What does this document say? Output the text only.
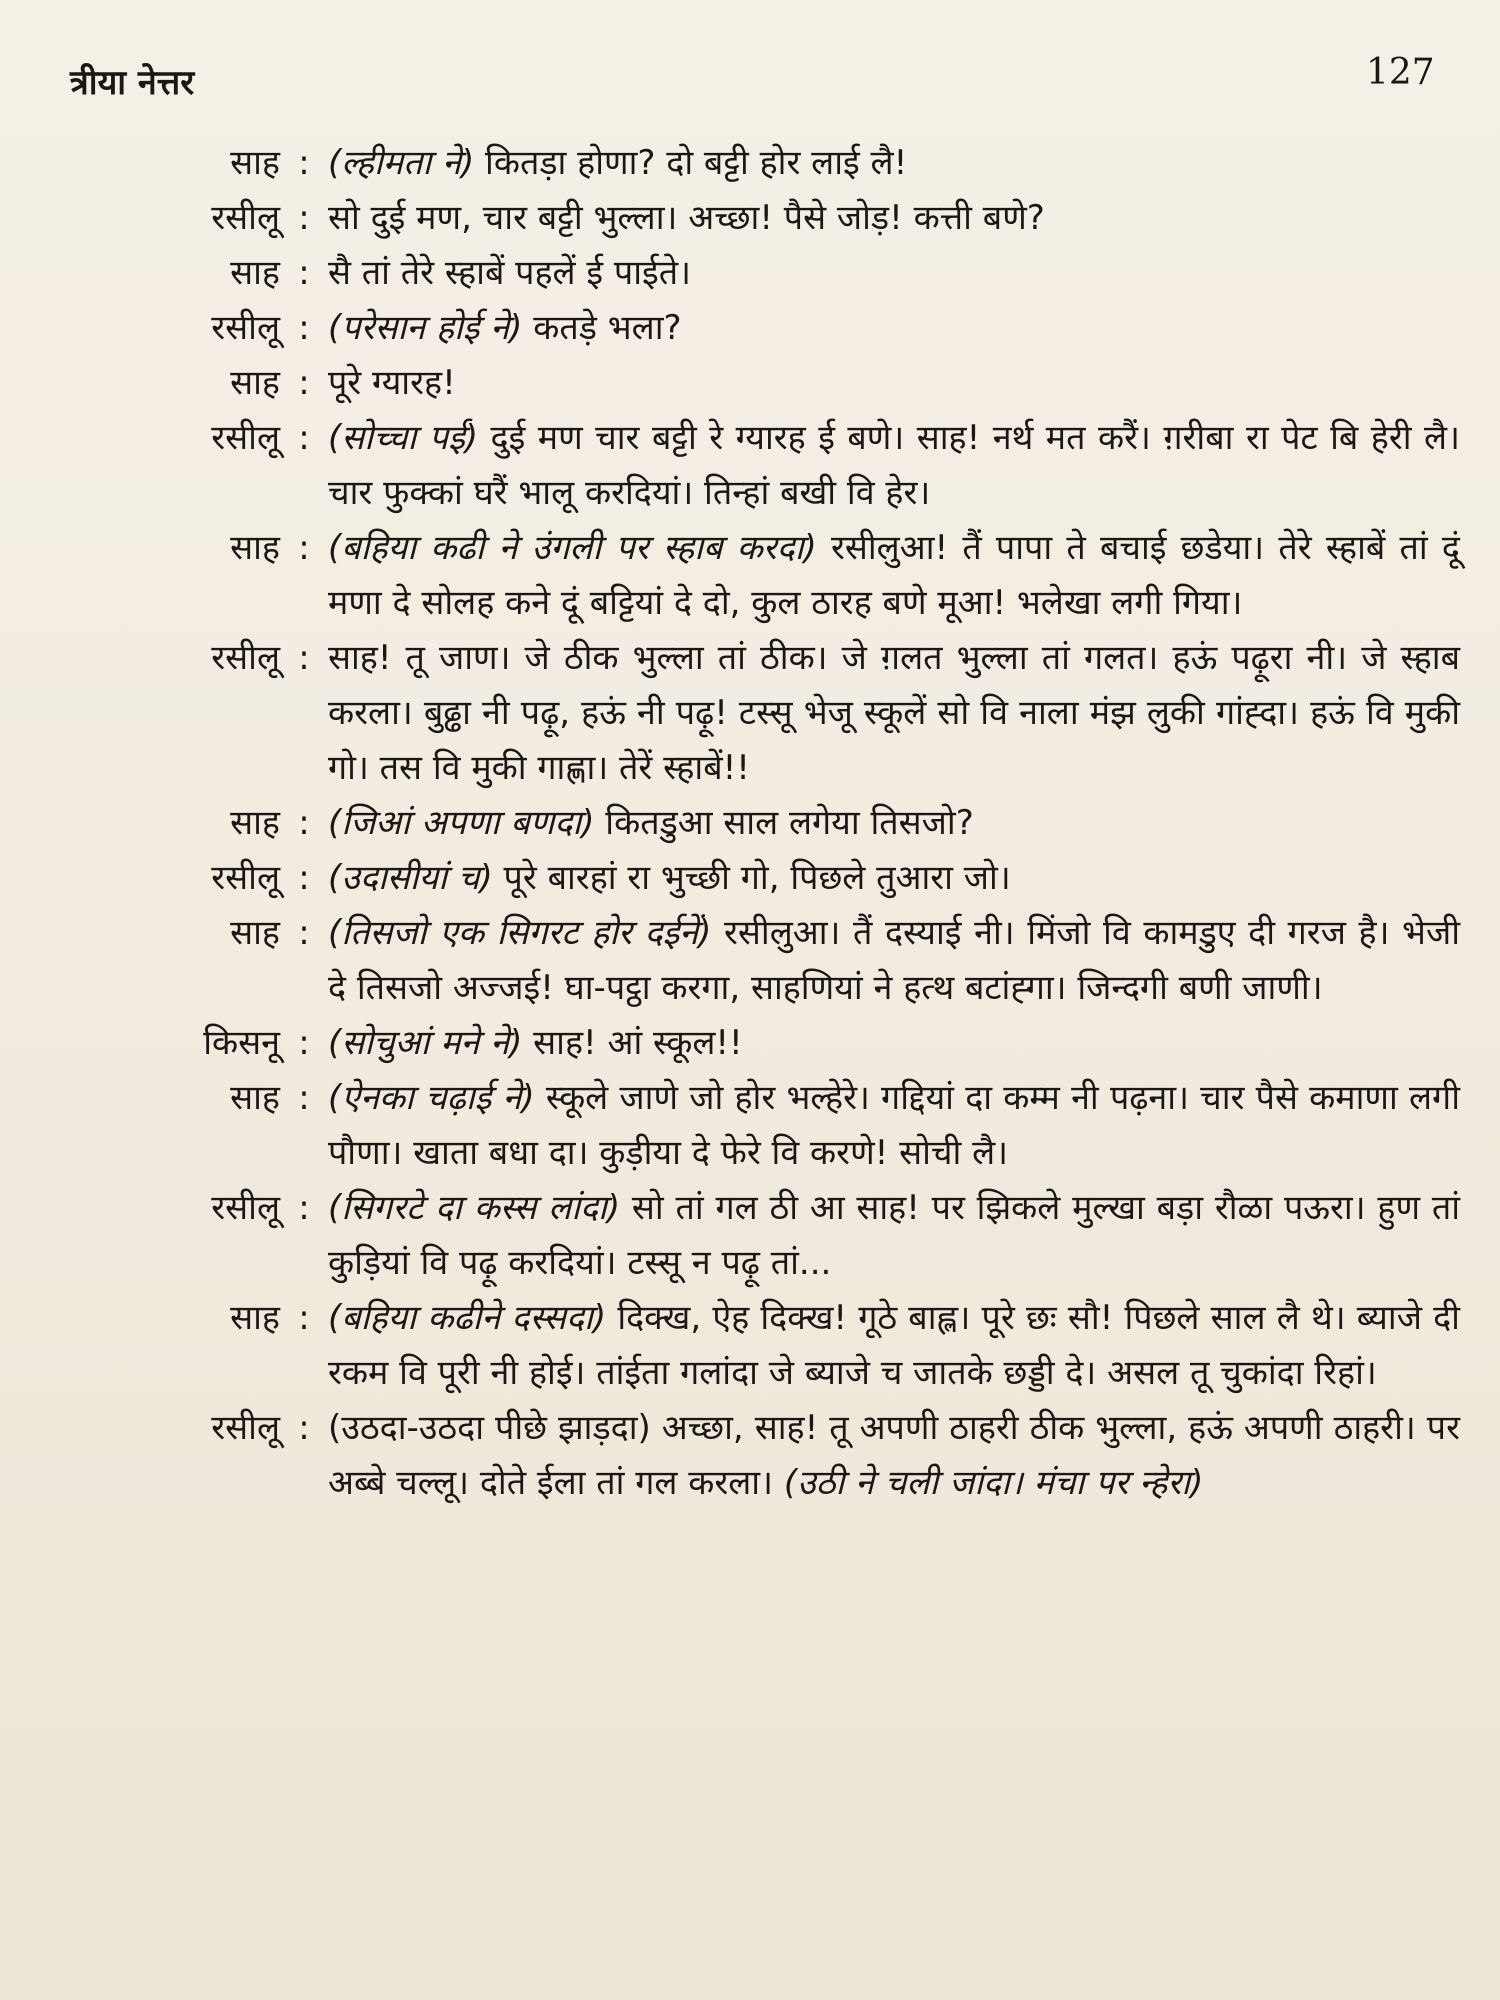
त्रीया नेत्तर	127
साह : (ल्हीमता ने) कितड़ा होणा? दो बट्टी होर लाई लै!
रसीलू : सो दुई मण, चार बट्टी भुल्ला। अच्छा! पैसे जोड़! कत्ती बणे?
साह : सै तां तेरे स्हाबें पहलें ई पाईते।
रसीलू : (परेसान होई ने) कतड़े भला?
साह : पूरे ग्यारह!
रसीलू : (सोच्चा पई) दुई मण चार बट्टी रे ग्यारह ई बणे। साह! नर्थ मत करैं। ग़रीबा रा पेट बि हेरी लै। चार फुक्कां घरैं भालू करदियां। तिन्हां बखी वि हेर।
साह : (बहिया कढी ने उंगली पर स्हाब करदा) रसीलुआ! तैं पापा ते बचाई छडेया। तेरे स्हाबें तां दूं मणा दे सोलह कने दूं बट्टियां दे दो, कुल ठारह बणे मूआ! भलेखा लगी गिया।
रसीलू : साह! तू जाण। जे ठीक भुल्ला तां ठीक। जे ग़लत भुल्ला तां गलत। हऊं पढ़ूरा नी। जे स्हाब करला। बुढ्ढा नी पढ़ू, हऊं नी पढ़ू! टस्सू भेजू स्कूलें सो वि नाला मंझ लुकी गांह्दा। हऊं वि मुकी गो। तस वि मुकी गाह्णा। तेरें स्हाबें!!
साह : (जिआं अपणा बणदा) कितडुआ साल लगेया तिसजो?
रसीलू : (उदासीयां च) पूरे बारहां रा भुच्छी गो, पिछले तुआरा जो।
साह : (तिसजो एक सिगरट होर दईनें) रसीलुआ। तैं दस्याई नी। मिंजो वि कामडुए दी गरज है। भेजी दे तिसजो अज्जई! घा-पट्ठा करगा, साहणियां ने हत्थ बटांह्गा। जिन्दगी बणी जाणी।
किसनू : (सोचुआं मने ने) साह! आं स्कूल!!
साह : (ऐनका चढ़ाई ने) स्कूले जाणे जो होर भल्हेरे। गद्दियां दा कम्म नी पढ़ना। चार पैसे कमाणा लगी पौणा। खाता बधा दा। कुड़ीया दे फेरे वि करणे! सोची लै।
रसीलू : (सिगरटे दा कस्स लांदा) सो तां गल ठी आ साह! पर झिकले मुल्खा बड़ा रौळा पऊरा। हुण तां कुड़ियां वि पढ़ू करदियां। टस्सू न पढ़ू तां...
साह : (बहिया कढीने दस्सदा) दिक्ख, ऐह दिक्ख! गूठे बाह्ल। पूरे छः सौ! पिछले साल लै थे। ब्याजे दी रकम वि पूरी नी होई। तांईता गलांदा जे ब्याजे च जातके छड्डी दे। असल तू चुकांदा रिहां।
रसीलू : (उठदा-उठदा पीछे झाड़दा) अच्छा, साह! तू अपणी ठाहरी ठीक भुल्ला, हऊं अपणी ठाहरी। पर अब्बे चल्लू। दोते ईला तां गल करला। (उठी ने चली जांदा। मंचा पर न्हेरा)
